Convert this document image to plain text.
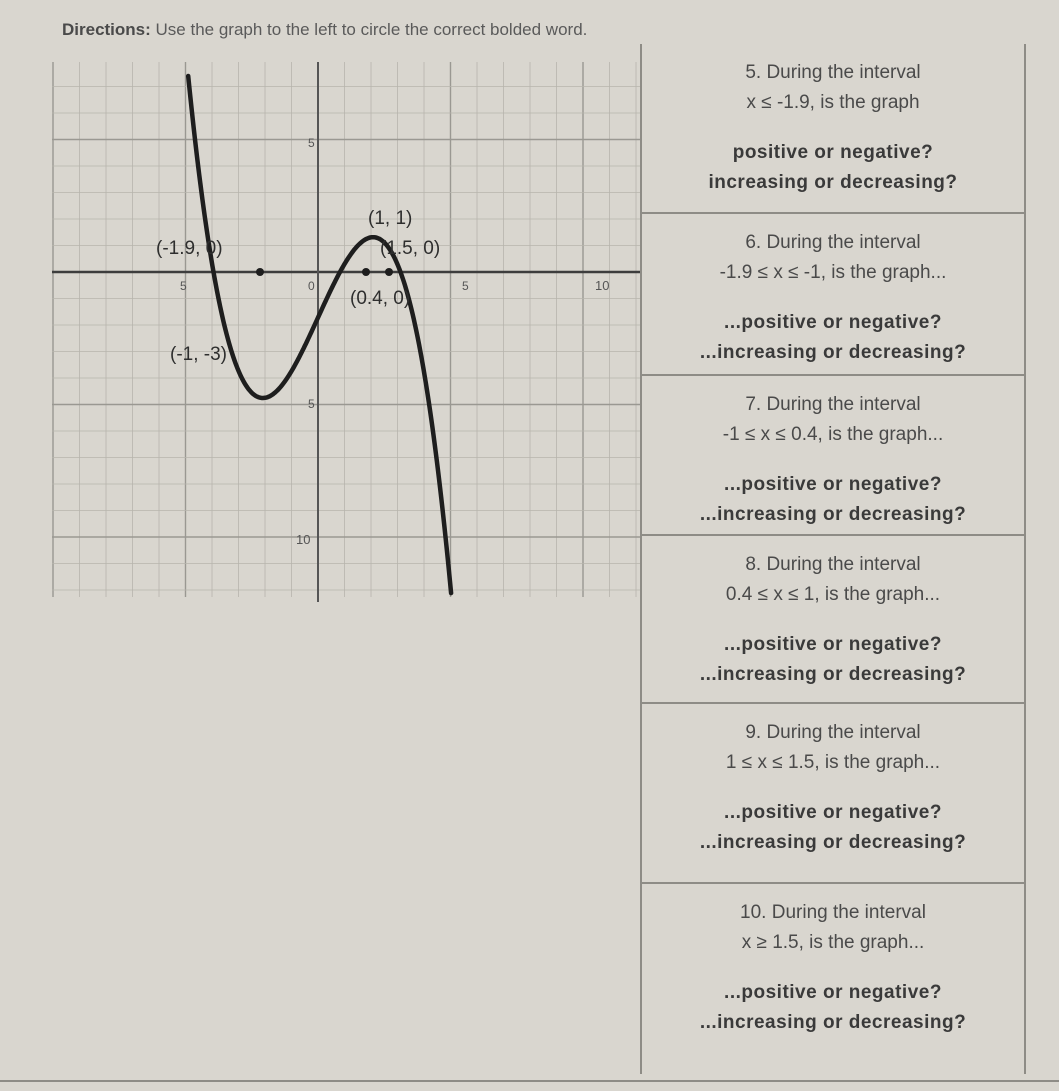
Directions: Use the graph to the left to circle the correct bolded word.
5
5
10
5	0	5	10
(-1.9, 0)
(-1, -3)
(1, 1)
(1.5, 0)
(0.4, 0)
5. During the interval
x ≤ -1.9, is the graph
positive or negative?
increasing or decreasing?
6. During the interval
-1.9 ≤ x ≤ -1, is the graph...
...positive or negative?
...increasing or decreasing?
7. During the interval
-1 ≤ x ≤ 0.4, is the graph...
...positive or negative?
...increasing or decreasing?
8. During the interval
0.4 ≤ x ≤ 1, is the graph...
...positive or negative?
...increasing or decreasing?
9. During the interval
1 ≤ x ≤ 1.5, is the graph...
...positive or negative?
...increasing or decreasing?
10. During the interval
x ≥ 1.5, is the graph...
...positive or negative?
...increasing or decreasing?
